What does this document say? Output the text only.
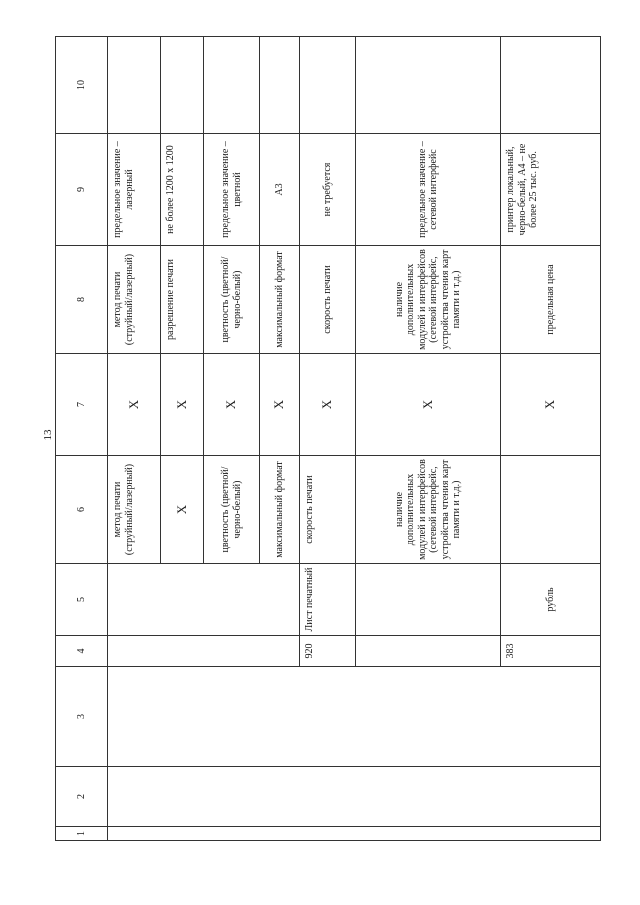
13
1	2	3	4	5	6	7	8	9	10
					метод печати (струйный/лазерный)	X	метод печати (струйный/лазерный)	предельное значение – лазерный	
					X	X	разрешение печати	не более 1200 x 1200	
					цветность (цветной/черно-белый)	X	цветность (цветной/черно-белый)	предельное значение – цветной	
					максимальный формат	X	максимальный формат	А3	
			920	Лист печатный	скорость печати	X	скорость печати	не требуется	
					наличие дополнительных модулей и интерфейсов (сетевой интерфейс, устройства чтения карт памяти и т.д.)	X	наличие дополнительных модулей и интерфейсов (сетевой интерфейс, устройства чтения карт памяти и т.д.)	предельное значение – сетевой интерфейс	
			383	рубль		X	предельная цена	принтер локальный, черно-белый, А4 – не более 25 тыс. руб.	
